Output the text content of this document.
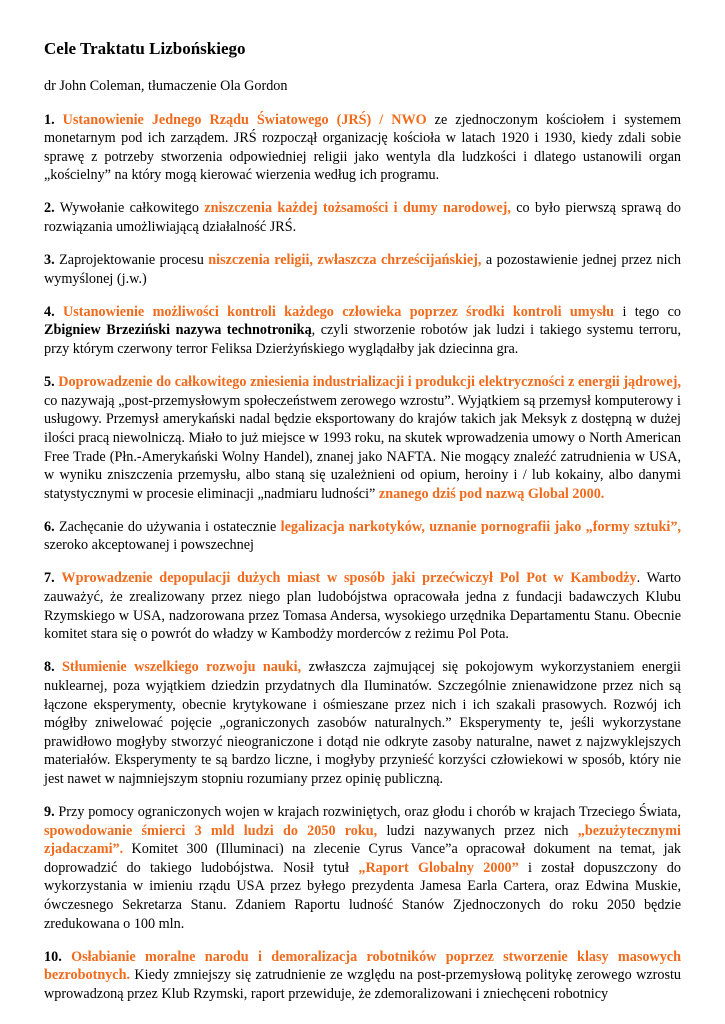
Cele Traktatu Lizbońskiego
dr John Coleman, tłumaczenie Ola Gordon

1. Ustanowienie Jednego Rządu Światowego (JRŚ) / NWO ze zjednoczonym kościołem i systemem monetarnym pod ich zarządem. JRŚ rozpoczął organizację kościoła w latach 1920 i 1930, kiedy zdali sobie sprawę z potrzeby stworzenia odpowiedniej religii jako wentyla dla ludzkości i dlatego ustanowili organ „kościelny” na który mogą kierować wierzenia według ich programu.

2. Wywołanie całkowitego zniszczenia każdej tożsamości i dumy narodowej, co było pierwszą sprawą do rozwiązania umożliwiającą działalność JRŚ.

3. Zaprojektowanie procesu niszczenia religii, zwłaszcza chrześcijańskiej, a pozostawienie jednej przez nich wymyślonej (j.w.)

4. Ustanowienie możliwości kontroli każdego człowieka poprzez środki kontroli umysłu i tego co Zbigniew Brzeziński nazywa technotroniką, czyli stworzenie robotów jak ludzi i takiego systemu terroru, przy którym czerwony terror Feliksa Dzierżyńskiego wyglądałby jak dziecinna gra.

5. Doprowadzenie do całkowitego zniesienia industrializacji i produkcji elektryczności z energii jądrowej, co nazywają „post-przemysłowym społeczeństwem zerowego wzrostu”. Wyjątkiem są przemysł komputerowy i usługowy. Przemysł amerykański nadal będzie eksportowany do krajów takich jak Meksyk z dostępną w dużej ilości pracą niewolniczą. Miało to już miejsce w 1993 roku, na skutek wprowadzenia umowy o North American Free Trade (Płn.-Amerykański Wolny Handel), znanej jako NAFTA. Nie mogący znaleźć zatrudnienia w USA, w wyniku zniszczenia przemysłu, albo staną się uzależnieni od opium, heroiny i / lub kokainy, albo danymi statystycznymi w procesie eliminacji „nadmiaru ludności” znanego dziś pod nazwą Global 2000.

6. Zachęcanie do używania i ostatecznie legalizacja narkotyków, uznanie pornografii jako „formy sztuki”, szeroko akceptowanej i powszechnej

7. Wprowadzenie depopulacji dużych miast w sposób jaki przećwiczył Pol Pot w Kambodży. Warto zauważyć, że zrealizowany przez niego plan ludobójstwa opracowała jedna z fundacji badawczych Klubu Rzymskiego w USA, nadzorowana przez Tomasa Andersa, wysokiego urzędnika Departamentu Stanu. Obecnie komitet stara się o powrót do władzy w Kambodży morderców z reżimu Pol Pota.

8. Stłumienie wszelkiego rozwoju nauki, zwłaszcza zajmującej się pokojowym wykorzystaniem energii nuklearnej, poza wyjątkiem dziedzin przydatnych dla Iluminatów. Szczególnie znienawidzone przez nich są łączone eksperymenty, obecnie krytykowane i ośmieszane przez nich i ich szakali prasowych. Rozwój ich mógłby zniwelować pojęcie „ograniczonych zasobów naturalnych.” Eksperymenty te, jeśli wykorzystane prawidłowo mogłyby stworzyć nieograniczone i dotąd nie odkryte zasoby naturalne, nawet z najzwyklejszych materiałów. Eksperymenty te są bardzo liczne, i mogłyby przynieść korzyści człowiekowi w sposób, który nie jest nawet w najmniejszym stopniu rozumiany przez opinię publiczną.

9. Przy pomocy ograniczonych wojen w krajach rozwiniętych, oraz głodu i chorób w krajach Trzeciego Świata, spowodowanie śmierci 3 mld ludzi do 2050 roku, ludzi nazywanych przez nich „bezużytecznymi zjadaczami”. Komitet 300 (Illuminaci) na zlecenie Cyrus Vance”a opracował dokument na temat, jak doprowadzić do takiego ludobójstwa. Nosił tytuł „Raport Globalny 2000” i został dopuszczony do wykorzystania w imieniu rządu USA przez byłego prezydenta Jamesa Earla Cartera, oraz Edwina Muskie, ówczesnego Sekretarza Stanu. Zdaniem Raportu ludność Stanów Zjednoczonych do roku 2050 będzie zredukowana o 100 mln.

10. Osłabianie moralne narodu i demoralizacja robotników poprzez stworzenie klasy masowych bezrobotnych. Kiedy zmniejszy się zatrudnienie ze względu na post-przemysłową politykę zerowego wzrostu wprowadzoną przez Klub Rzymski, raport przewiduje, że zdemoralizowani i zniechęceni robotnicy
